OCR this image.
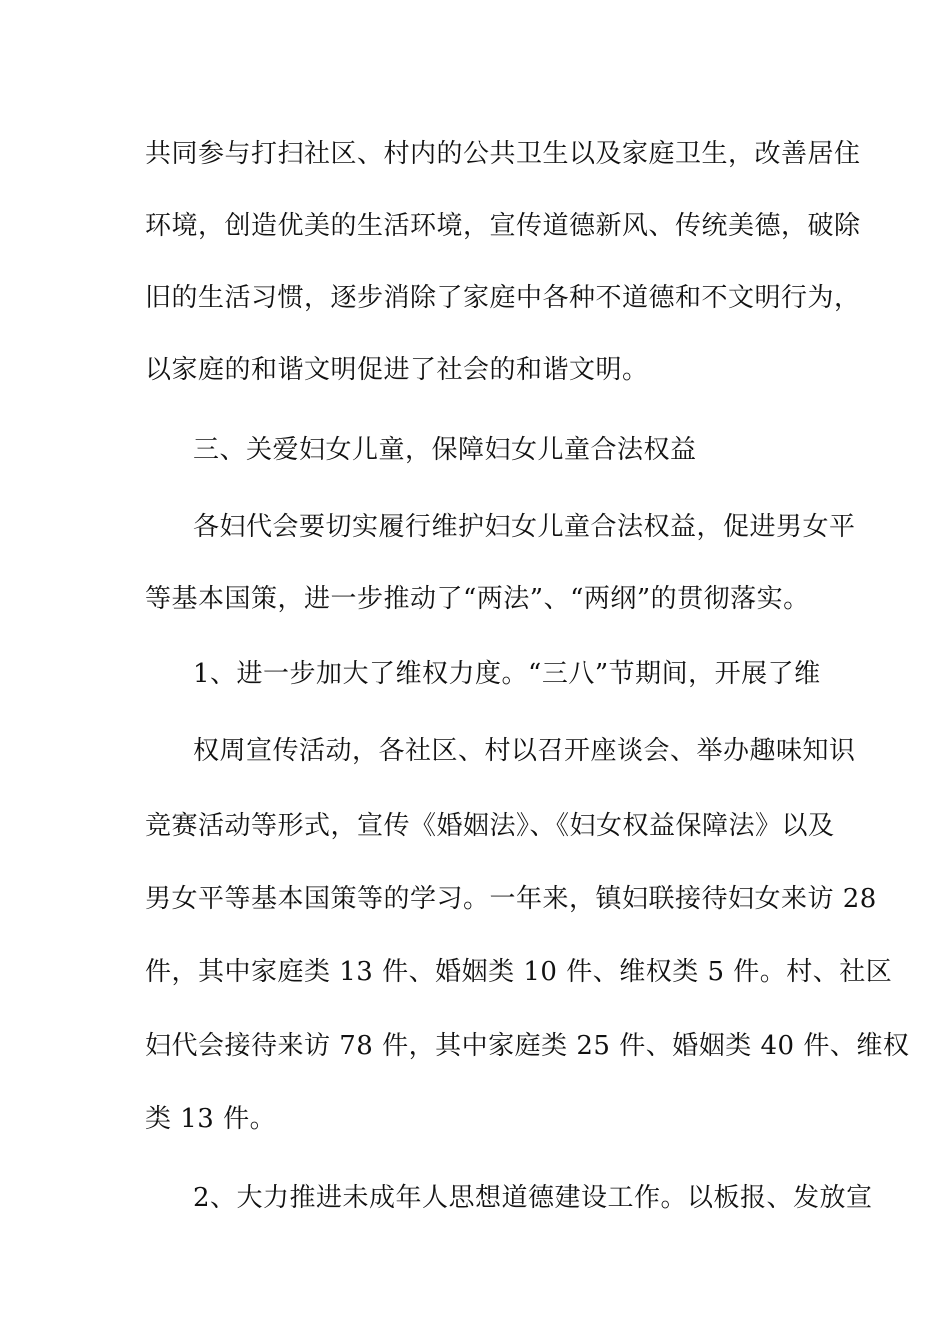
共同参与打扫社区、村内的公共卫生以及家庭卫生，改善居住
环境，创造优美的生活环境，宣传道德新风、传统美德，破除
旧的生活习惯，逐步消除了家庭中各种不道德和不文明行为，
以家庭的和谐文明促进了社会的和谐文明。
三、关爱妇女儿童，保障妇女儿童合法权益
各妇代会要切实履行维护妇女儿童合法权益，促进男女平
等基本国策，进一步推动了“两法”、“两纲”的贯彻落实。
1、进一步加大了维权力度。“三八”节期间，开展了维
权周宣传活动，各社区、村以召开座谈会、举办趣味知识
竞赛活动等形式，宣传《婚姻法》、《妇女权益保障法》以及
男女平等基本国策等的学习。一年来，镇妇联接待妇女来访 28
件，其中家庭类 13 件、婚姻类 10 件、维权类 5 件。村、社区
妇代会接待来访 78 件，其中家庭类 25 件、婚姻类 40 件、维权
类 13 件。
2、大力推进未成年人思想道德建设工作。以板报、发放宣
